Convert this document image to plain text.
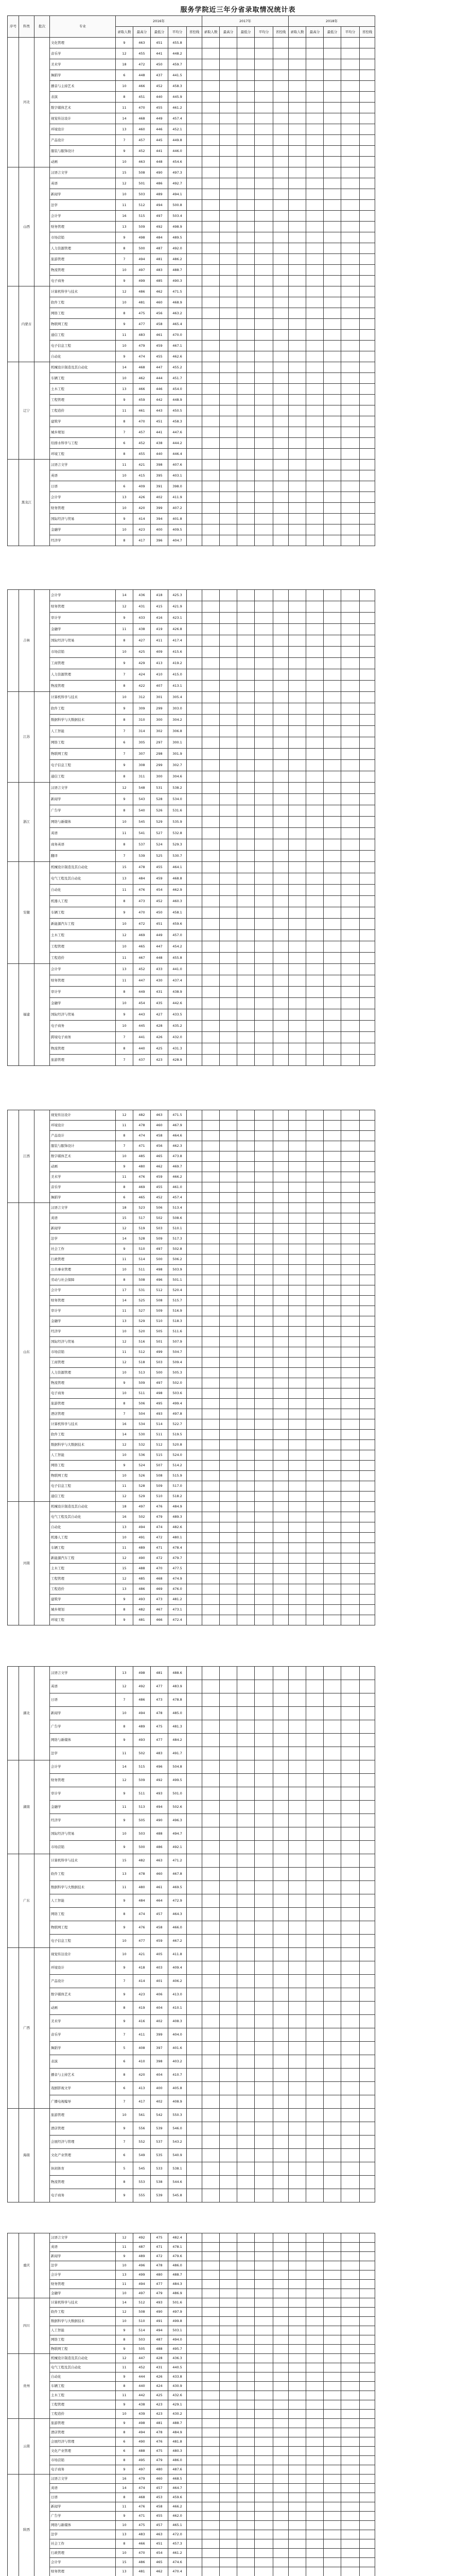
服务学院近三年分省录取情况统计表
序号	科类	批次	专业	2016年					2017年					2018年				
				录取人数	最高分	最低分	平均分	省控线	录取人数	最高分	最低分	平均分	省控线	录取人数	最高分	最低分	平均分	省控线
	河北		文化管理	9	463	451	455.8											
			音乐学	12	455	441	448.2											
			美术学	18	472	450	459.7											
			舞蹈学	6	448	437	441.5											
			播音与主持艺术	10	466	452	458.3											
			表演	8	451	440	445.9											
			数字媒体艺术	11	470	455	461.2											
			视觉传达设计	14	468	449	457.4											
			环境设计	13	460	446	452.1											
			产品设计	7	457	445	449.8											
			服装与服饰设计	9	452	441	446.0											
			动画	10	463	448	454.6											
	山西		汉语言文学	15	508	490	497.3											
			英语	12	501	486	492.7											
			新闻学	10	503	489	494.1											
			法学	11	512	494	500.8											
			会计学	16	515	497	503.4											
			财务管理	13	509	492	498.9											
			市场营销	9	498	484	489.5											
			人力资源管理	8	500	487	492.0											
			旅游管理	7	494	481	486.2											
			物流管理	10	497	483	488.7											
			电子商务	9	499	485	490.3											
	内蒙古		计算机科学与技术	12	486	462	471.5											
			软件工程	10	481	460	468.9											
			网络工程	8	475	456	463.2											
			物联网工程	9	477	458	465.4											
			通信工程	11	483	461	470.0											
			电子信息工程	10	479	459	467.1											
			自动化	9	474	455	462.6											
	辽宁		机械设计制造及其自动化	14	468	447	455.2											
			车辆工程	10	462	444	451.7											
			土木工程	13	466	446	454.0											
			工程管理	9	459	442	448.9											
			工程造价	11	461	443	450.5											
			建筑学	8	470	451	458.3											
			城乡规划	7	457	441	447.6											
			给排水科学与工程	6	452	438	444.2											
			环境工程	8	455	440	446.4											
	黑龙江		汉语言文学	11	421	398	407.6											
			英语	10	415	395	403.1											
			日语	6	409	391	398.0											
			会计学	13	426	402	411.9											
			财务管理	10	420	399	407.2											
			国际经济与贸易	9	414	394	401.8											
			金融学	10	423	400	409.5											
			经济学	8	417	396	404.7											
	吉林		会计学	14	436	418	425.3											
			财务管理	12	431	415	421.9											
			审计学	9	433	416	423.1											
			金融学	11	438	419	426.8											
			国际经济与贸易	8	427	411	417.4											
			市场营销	10	425	409	415.6											
			工商管理	9	429	413	419.2											
			人力资源管理	7	424	410	415.0											
			物流管理	8	422	407	413.1											
	江苏		计算机科学与技术	10	312	301	305.4											
			软件工程	9	309	299	303.0											
			数据科学与大数据技术	8	310	300	304.2											
			人工智能	7	314	302	306.8											
			网络工程	6	305	297	300.1											
			物联网工程	7	307	298	301.9											
			电子信息工程	9	308	299	302.7											
			通信工程	8	311	300	304.6											
	浙江		汉语言文学	12	548	531	538.2											
			新闻学	9	543	528	534.0											
			广告学	8	540	526	531.6											
			网络与新媒体	10	545	529	535.9											
			英语	11	541	527	532.8											
			商务英语	8	537	524	529.3											
			翻译	7	539	525	530.7											
	安徽		机械设计制造及其自动化	15	478	455	464.1											
			电气工程及其自动化	13	484	459	468.8											
			自动化	11	476	454	462.9											
			机器人工程	8	473	452	460.3											
			车辆工程	9	470	450	458.1											
			新能源汽车工程	10	472	451	459.6											
			土木工程	12	469	449	457.0											
			工程管理	10	465	447	454.2											
			工程造价	11	467	448	455.8											
	福建		会计学	13	452	433	441.0											
			财务管理	11	447	430	437.4											
			审计学	8	449	431	438.9											
			金融学	10	454	435	442.6											
			国际经济与贸易	9	443	427	433.5											
			电子商务	10	445	428	435.2											
			跨境电子商务	7	441	426	432.0											
			物流管理	8	440	425	431.3											
			旅游管理	7	437	423	428.9											
	江西		视觉传达设计	12	482	463	471.5											
			环境设计	11	478	460	467.9											
			产品设计	8	474	458	464.6											
			服装与服饰设计	7	471	456	462.3											
			数字媒体艺术	10	485	465	473.8											
			动画	9	480	462	469.7											
			美术学	11	476	459	466.2											
			音乐学	8	469	455	461.0											
			舞蹈学	6	465	452	457.4											
	山东		汉语言文学	18	523	506	513.4											
			英语	15	517	502	508.6											
			新闻学	12	519	503	510.1											
			法学	14	528	509	517.3											
			社会工作	9	510	497	502.8											
			行政管理	11	514	500	506.2											
			公共事业管理	10	511	498	503.9											
			劳动与社会保障	8	508	496	501.1											
			会计学	17	531	512	520.4											
			财务管理	14	525	508	515.7											
			审计学	11	527	509	516.9											
			金融学	13	529	510	518.3											
			经济学	10	520	505	511.6											
			国际经济与贸易	12	516	501	507.9											
			市场营销	11	512	499	504.7											
			工商管理	12	518	503	509.4											
			人力资源管理	10	513	500	505.3											
			物流管理	9	509	497	502.0											
			电子商务	10	511	498	503.6											
			旅游管理	8	506	495	499.4											
			酒店管理	7	504	493	497.8											
			计算机科学与技术	16	534	514	522.7											
			软件工程	14	530	511	519.5											
			数据科学与大数据技术	12	532	512	520.8											
			人工智能	10	536	515	524.0											
			网络工程	9	524	507	514.2											
			物联网工程	10	526	508	515.9											
			电子信息工程	11	528	509	517.0											
			通信工程	12	529	510	518.2											
	河南		机械设计制造及其自动化	18	497	476	484.9											
			电气工程及其自动化	16	502	479	489.3											
			自动化	13	494	474	482.6											
			机器人工程	10	491	472	480.1											
			车辆工程	11	489	471	478.4											
			新能源汽车工程	12	490	472	479.7											
			土木工程	15	488	470	477.5											
			工程管理	12	485	468	474.9											
			工程造价	13	486	469	476.0											
			建筑学	9	493	473	481.2											
			城乡规划	8	482	467	473.1											
			环境工程	9	481	466	472.4											
	湖北		汉语言文学	13	498	481	488.6											
			英语	12	492	477	483.9											
			日语	7	486	473	478.8											
			新闻学	10	494	478	485.0											
			广告学	8	489	475	481.3											
			网络与新媒体	9	493	477	484.2											
			法学	11	502	483	491.7											
	湖南		会计学	14	515	496	504.8											
			财务管理	12	509	492	499.5											
			审计学	9	511	493	501.0											
			金融学	11	513	494	502.6											
			经济学	9	505	490	496.3											
			国际经济与贸易	10	503	488	494.7											
			市场营销	9	500	486	492.1											
	广东		计算机科学与技术	15	482	463	471.2											
			软件工程	13	478	460	467.8											
			数据科学与大数据技术	11	480	461	469.5											
			人工智能	9	484	464	472.9											
			网络工程	8	474	457	464.3											
			物联网工程	9	476	458	466.0											
			电子信息工程	10	477	459	467.2											
	广西		视觉传达设计	10	421	405	411.8											
			环境设计	9	418	403	409.4											
			产品设计	7	414	401	406.2											
			数字媒体艺术	9	423	406	413.0											
			动画	8	419	404	410.1											
			美术学	9	416	402	408.3											
			音乐学	7	411	399	404.0											
			舞蹈学	5	408	397	401.6											
			表演	6	410	398	403.2											
			播音与主持艺术	8	420	404	410.7											
			戏剧影视文学	6	413	400	405.8											
			广播电视编导	7	417	402	408.9											
	海南		旅游管理	10	561	542	550.3											
			酒店管理	9	556	539	546.0											
			会展经济与管理	7	552	537	543.2											
			文化产业管理	6	549	535	540.9											
			休闲体育	5	545	533	538.1											
			物流管理	8	553	538	544.6											
			电子商务	9	555	539	545.8											
	重庆		汉语言文学	12	492	475	482.4											
			英语	11	487	471	478.1											
			新闻学	9	489	472	479.6											
			法学	10	496	478	486.0											
			会计学	13	499	480	488.7											
			财务管理	11	494	477	484.3											
			金融学	10	497	479	486.9											
	四川		计算机科学与技术	14	512	493	501.6											
			软件工程	12	508	490	497.9											
			数据科学与大数据技术	10	510	491	499.8											
			人工智能	9	514	494	503.1											
			网络工程	8	503	487	494.0											
			物联网工程	9	505	488	495.7											
	贵州		机械设计制造及其自动化	12	447	428	436.3											
			电气工程及其自动化	11	452	431	440.5											
			自动化	9	444	426	433.8											
			车辆工程	8	440	424	430.9											
			土木工程	11	442	425	432.6											
			工程管理	9	438	423	429.1											
			工程造价	10	439	423	430.2											
	云南		旅游管理	9	498	481	488.7											
			酒店管理	8	494	478	484.9											
			会展经济与管理	6	490	476	481.8											
			文化产业管理	6	488	475	480.3											
			市场营销	8	495	479	486.0											
			电子商务	9	497	480	487.6											
	陕西		汉语言文学	16	479	460	468.5											
			英语	14	474	457	464.7											
			日语	8	468	453	459.6											
			新闻学	11	476	458	466.2											
			广告学	9	471	455	462.0											
			网络与新媒体	10	475	457	465.1											
			法学	13	483	463	472.0											
			社会工作	8	466	451	457.3											
			行政管理	10	470	454	461.2											
			会计学	15	486	465	474.6											
			财务管理	13	481	462	470.4											
